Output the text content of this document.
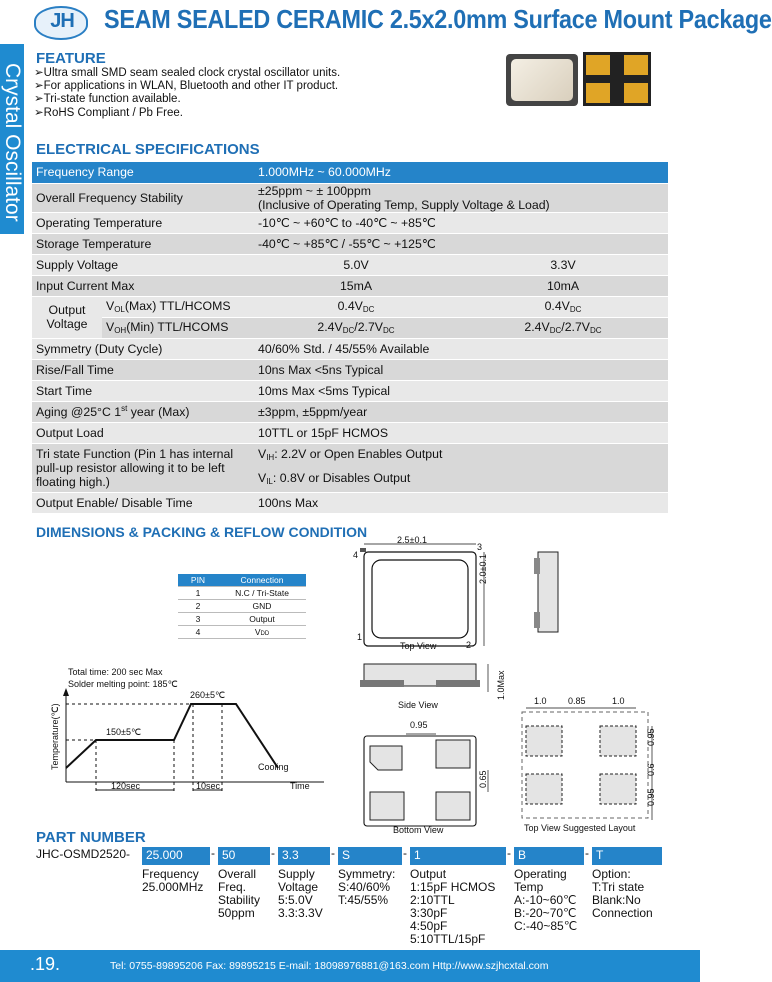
JH	SEAM SEALED CERAMIC 2.5x2.0mm Surface Mount Package
Crystal Oscillator
FEATURE
➢Ultra small SMD seam sealed clock crystal oscillator units.
➢For applications in WLAN, Bluetooth and other IT product.
➢Tri-state function available.
➢RoHS Compliant / Pb Free.
ELECTRICAL SPECIFICATIONS
Frequency Range		1.000MHz ~ 60.000MHz	
Overall Frequency Stability		±25ppm ~ ± 100ppm
(Inclusive of Operating Temp, Supply Voltage & Load)	

Operating Temperature		-10℃ ~ +60℃ to -40℃ ~ +85℃	
Storage Temperature		-40℃ ~ +85℃ / -55℃ ~ +125℃	
Supply Voltage		5.0V	3.3V
Input Current Max		15mA	10mA
Output Voltage	$V_{OL}(Max)$ TTL/HCOMS	$0.4V_{DC}$	$0.4V_{DC}$
	$V_{OH}(Min)$ TTL/HCOMS	$2.4V_{DC}/2.7V_{DC}$	$2.4V_{DC}/2.7V_{DC}$
Symmetry (Duty Cycle)		40/60% Std. / 45/55% Available	
Rise/Fall Time		10ns Max <5ns Typical	
Start Time		10ms Max <5ms Typical	
Aging @25°C 1st year (Max)		±3ppm, ±5ppm/year	
Output Load		10TTL or 15pF HCMOS	
Tri state Function (Pin 1 has internal pull-up resistor allowing it to be left floating high.)		$V_{IH}$: 2.2V or Open Enables Output
$V_{IL}$: 0.8V or Disables Output	

Output Enable/ Disable Time		100ns Max	
DIMENSIONS & PACKING & REFLOW CONDITION
PIN	Connection
1	N.C / Tri-State
2	GND
3	Output
4	VDD
2.5±0.1
2.0±0.1
4
3
1
2
Top View
1.0Max
Side View
0.95
0.65
Bottom View
1.0 0.85	1.0
0.95
0.6
0.95
Top View Suggested Layout
Total time: 200 sec Max
Solder melting point: 185℃
260±5℃
150±5℃
120sec	10sec
Cooling
Time
Temperature(℃)
PART NUMBER
JHC-OSMD2520-	25.000	- 50	- 3.3	- S	- 1	- B	- T
Frequency
25.000MHz
Overall
Freq.
Stability
50ppm
Supply
Voltage
5:5.0V
3.3:3.3V
Symmetry:
S:40/60%
T:45/55%
Output
1:15pF HCMOS
2:10TTL
3:30pF
4:50pF
5:10TTL/15pF
Operating
Temp
A:-10~60℃
B:-20~70℃
C:-40~85℃
Option:
T:Tri state
Blank:No
Connection
.19.	Tel: 0755-89895206 Fax: 89895215 E-mail: 18098976881@163.com Http://www.szjhcxtal.com
